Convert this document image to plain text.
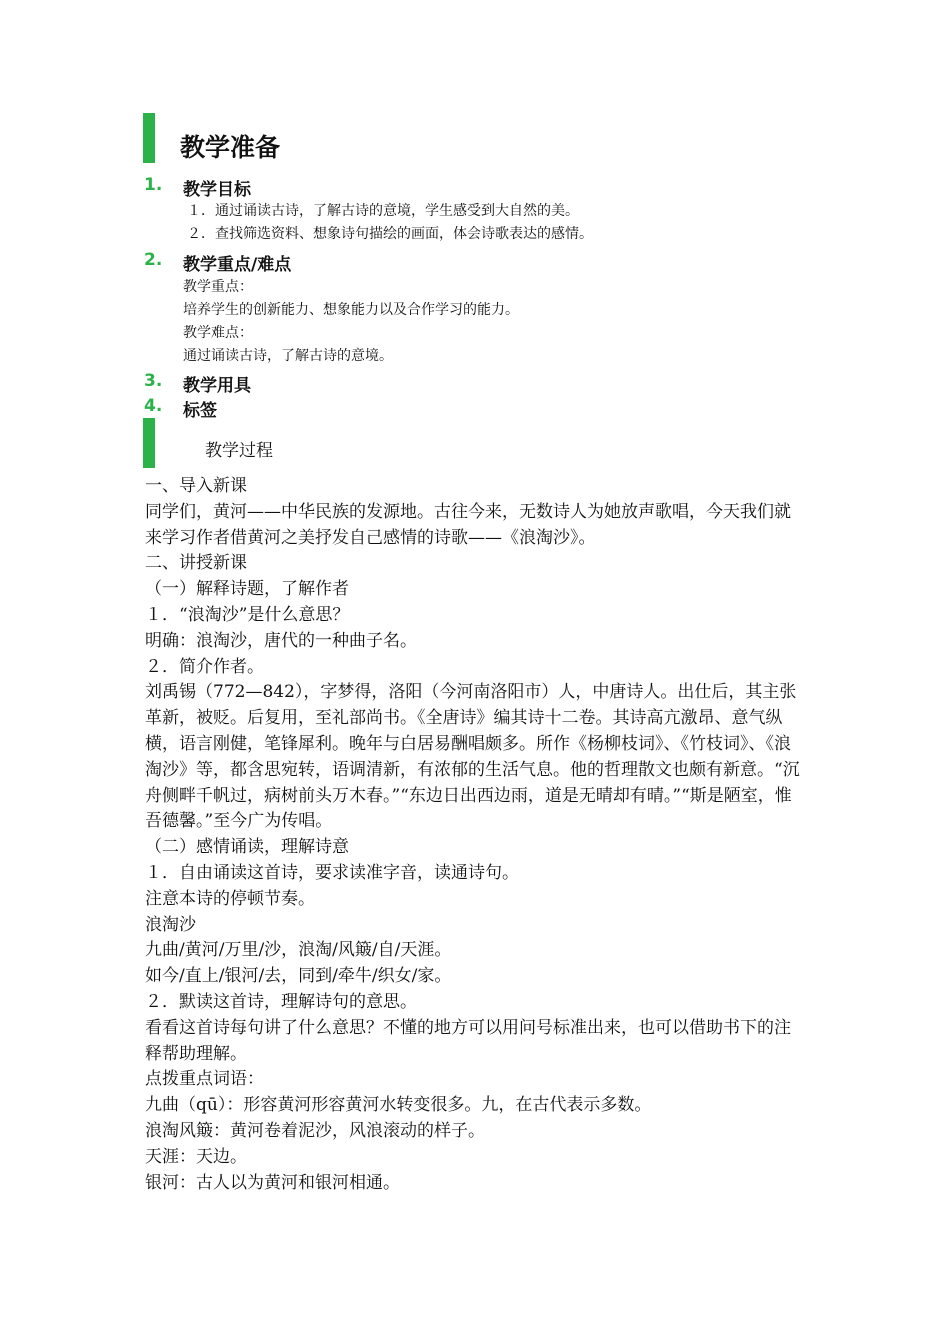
教学准备
1. 教学目标
１．通过诵读古诗，了解古诗的意境，学生感受到大自然的美。
２．查找筛选资料、想象诗句描绘的画面，体会诗歌表达的感情。
2. 教学重点/难点
教学重点：
培养学生的创新能力、想象能力以及合作学习的能力。
教学难点：
通过诵读古诗，了解古诗的意境。
3. 教学用具
4. 标签
教学过程

一、导入新课

同学们，黄河——中华民族的发源地。古往今来，无数诗人为她放声歌唱，今天我们就来学习作者借黄河之美抒发自己感情的诗歌——《浪淘沙》。

二、讲授新课

（一）解释诗题，了解作者

１．“浪淘沙”是什么意思？

明确：浪淘沙，唐代的一种曲子名。

２．简介作者。

刘禹锡（772—842），字梦得，洛阳（今河南洛阳市）人，中唐诗人。出仕后，其主张革新，被贬。后复用，至礼部尚书。《全唐诗》编其诗十二卷。其诗高亢激昂、意气纵横，语言刚健，笔锋犀利。晚年与白居易酬唱颇多。所作《杨柳枝词》、《竹枝词》、《浪淘沙》等，都含思宛转，语调清新，有浓郁的生活气息。他的哲理散文也颇有新意。“沉舟侧畔千帆过，病树前头万木春。”“东边日出西边雨，道是无晴却有晴。”“斯是陋室，惟吾德馨。”至今广为传唱。

（二）感情诵读，理解诗意

１．自由诵读这首诗，要求读准字音，读通诗句。

注意本诗的停顿节奏。

浪淘沙

九曲/黄河/万里/沙，浪淘/风簸/自/天涯。

如今/直上/银河/去，同到/牵牛/织女/家。

２．默读这首诗，理解诗句的意思。

看看这首诗每句讲了什么意思？不懂的地方可以用问号标准出来，也可以借助书下的注释帮助理解。

点拨重点词语：

九曲（qū）：形容黄河形容黄河水转变很多。九，在古代表示多数。

浪淘风簸：黄河卷着泥沙，风浪滚动的样子。

天涯：天边。

银河：古人以为黄河和银河相通。
